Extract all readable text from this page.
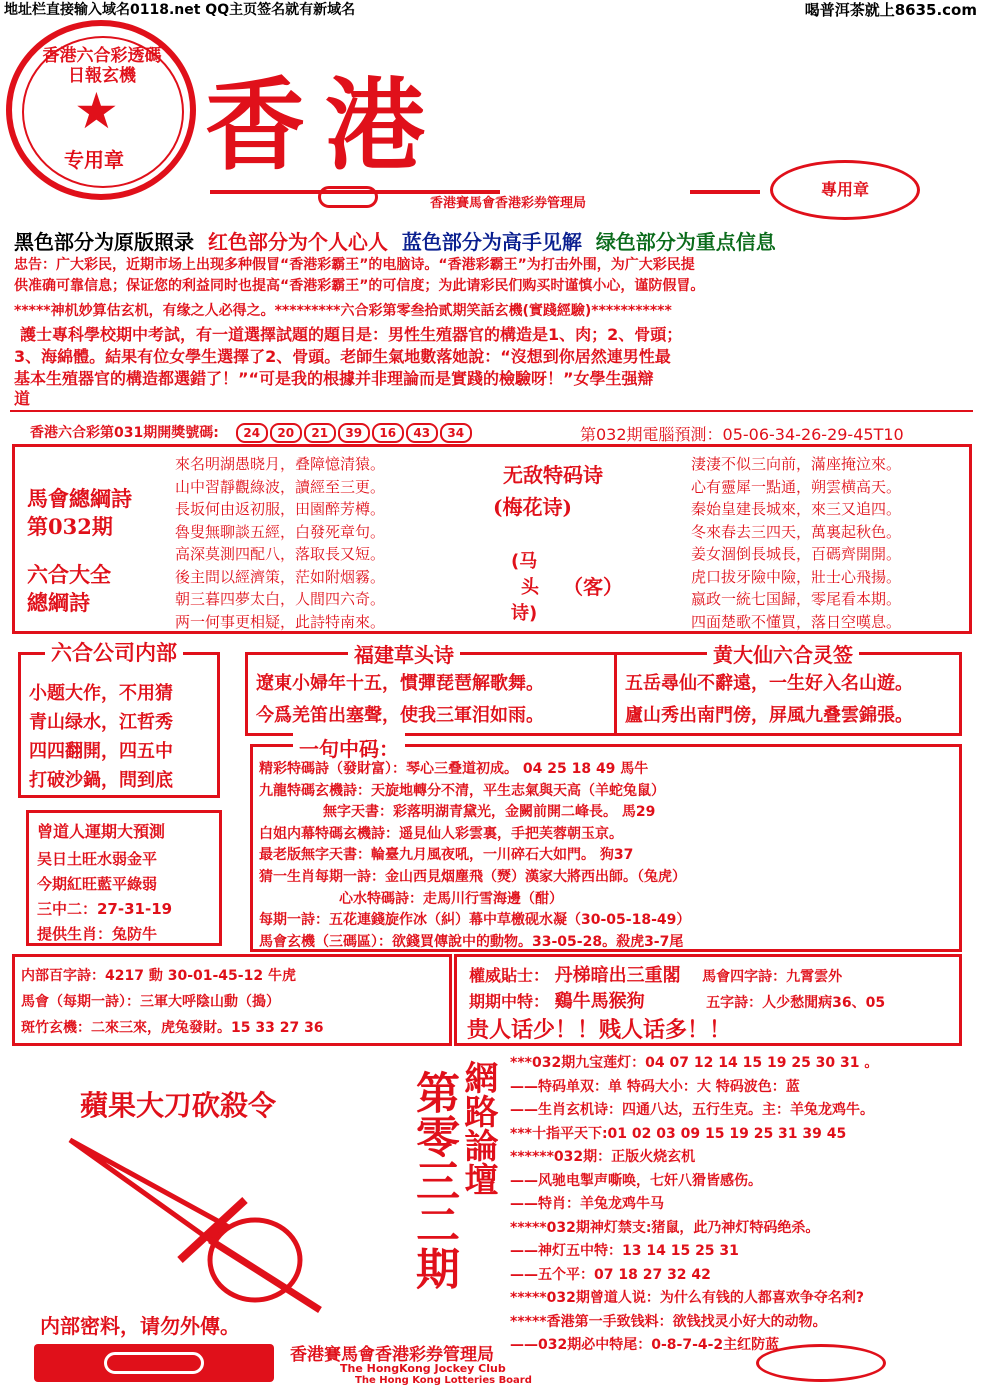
地址栏直接输入域名0118.net QQ主页签名就有新域名	喝普洱茶就上8635.com
香港六合彩透碼日報玄機
★
专用章 香港
香港賽馬會香港彩券管理局
專用章
黑色部分为原版照录 红色部分为个人心人 蓝色部分为高手见解 绿色部分为重点信息
忠告：广大彩民，近期市场上出现多种假冒“香港彩霸王”的电脑诗。“香港彩霸王”为打击外围，为广大彩民提
供准确可靠信息；保证您的利益同时也提高“香港彩霸王”的可信度；为此请彩民们购买时谨慎小心，谨防假冒。
*****神机妙算估玄机，有缘之人必得之。*********六合彩第零叁拾贰期笑話玄機(實踐經驗)***********
護士專科學校期中考試，有一道選擇試題的題目是：男性生殖器官的構造是1、肉；2、骨頭；
3、海綿體。結果有位女學生選擇了2、骨頭。老師生氣地數落她說：“沒想到你居然連男性最
基本生殖器官的構造都選錯了！”“可是我的根據并非理論而是實踐的檢驗呀！”女學生强辯
道
香港六合彩第031期開獎號碼: 24 20 21 39 16 43 34	第032期電腦預測：05-06-34-26-29-45T10
馬會總綱詩
第032期
六合大全
總綱詩
來名明湖愚晓月，叠障憶清猿。
山中習靜觀綠波，讀經至三更。
長坂何由返初服，田園醉芳樽。
魯叟無聊談五經，白發死章句。
高深莫測四配八，落取長又短。
後主問以經濟策，茫如附烟霧。
朝三暮四夢太白，人間四六奇。
两一何事更相疑，此詩特南來。
无敌特码诗
(梅花诗)
(马
头 （客）
诗)
淒淒不似三向前，滿座掩泣來。
心有靈犀一點通，朔雲横高天。
秦始皇建長城來，來三又追四。
冬來春去三四天，萬裏起秋色。
姜女涸倒長城長，百碼齊開開。
虎口拔牙險中險，壯士心飛揚。
嬴政一統七国歸，零尾看本期。
四面楚歌不懂買，落日空嘆息。
六合公司内部
小题大作，不用猜
青山绿水，江哲秀
四四翻開，四五中
打破沙鍋，問到底
福建草头诗
遼東小婦年十五，慣彈琵琶解歌舞。
今爲羌笛出塞聲，使我三軍泪如雨。
黄大仙六合灵签
五岳尋仙不辭遠，一生好入名山遊。
廬山秀出南門傍，屏風九叠雲錦張。
曾道人運期大預測
吴日土旺水弱金平
今期紅旺藍平綠弱
三中二：27-31-19
提供生肖：兔防牛
一句中码：
精彩特碼詩（發財富）：琴心三叠道初成。 04 25 18 49 馬牛
九龍特碼玄機詩：天旋地轉分不清，平生志氣與天高（羊蛇兔鼠）
無字天書：彩落明湖青黛光，金闕前開二峰長。 馬29
白姐内幕特碼玄機詩：遥見仙人彩雲裏，手把芙蓉朝玉京。
最老版無字天書：輪臺九月風夜吼，一川碎石大如門。 狗37
猜一生肖每期一詩：金山西見烟塵飛（燹）漢家大將西出師。（兔虎）
心水特碼詩：走馬川行雪海邊（酣）
每期一詩：五花連錢旋作冰（糾）幕中草檄砚水凝（30-05-18-49）
馬會玄機（三碼區）：欲錢買傳說中的動物。33-05-28。殺虎3-7尾
内部百字詩：4217 動 30-01-45-12 牛虎
馬會（每期一詩）：三軍大呼陰山動（搗）
斑竹玄機：二來三來，虎兔發財。15 33 27 36
權威貼士： 丹梯暗出三重閣 馬會四字詩：九霄雲外
期期中特： 鷄牛馬猴狗	五字詩：人少愁閒病36、05
贵人话少！！贱人话多！！
蘋果大刀砍殺令
内部密料，请勿外傳。
第零三二期 網路論壇 ***032期九宝莲灯：04 07 12 14 15 19 25 30 31 。
——特码单双：单 特码大小：大 特码波色：蓝
——生肖玄机诗：四通八达，五行生克。主：羊兔龙鸡牛。
***十指平天下:01 02 03 09 15 19 25 31 39 45
******032期：正版火烧玄机
——风驰电掣声嘶唤，七奸八猾皆感伤。
——特肖：羊兔龙鸡牛马
*****032期神灯禁支:猪鼠，此乃神灯特码绝杀。
——神灯五中特：13 14 15 25 31
——五个平：07 18 27 32 42
*****032期曾道人说：为什么有钱的人都喜欢争夺名利?
*****香港第一手致钱料：欲钱找灵小好大的动物。
——032期必中特尾：0-8-7-4-2主红防蓝
香港賽馬會香港彩券管理局
The HongKong Jockey Club
The Hong Kong Lotteries Board
